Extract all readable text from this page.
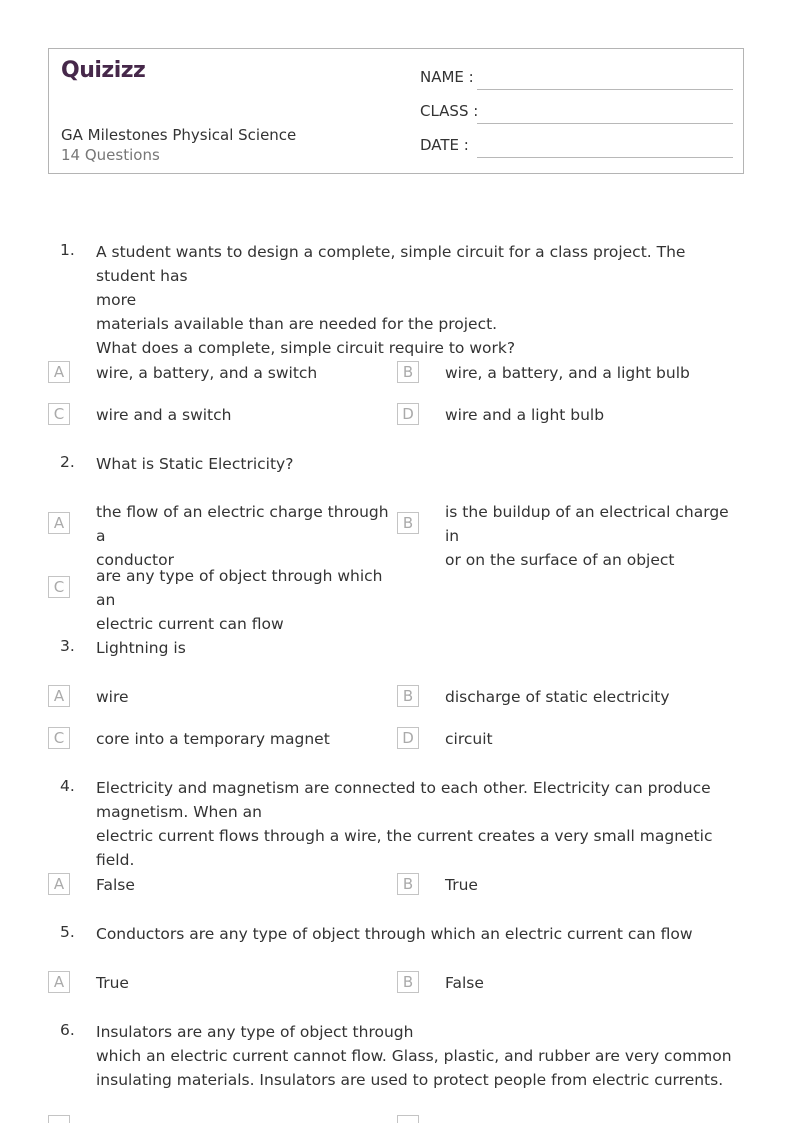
Quizizz
GA Milestones Physical Science
14 Questions
NAME :
CLASS :
DATE :
1. A student wants to design a complete, simple circuit for a class project. The student has
more
materials available than are needed for the project.
What does a complete, simple circuit require to work?
A	wire, a battery, and a switch	B	wire, a battery, and a light bulb
C	wire and a switch	D	wire and a light bulb
2. What is Static Electricity?
A
the flow of an electric charge through a
conductor
B
is the buildup of an electrical charge in
or on the surface of an object
C
are any type of object through which an
electric current can flow
3. Lightning is
A	wire	B	discharge of static electricity
C	core into a temporary magnet	D	circuit
4. Electricity and magnetism are connected to each other. Electricity can produce
magnetism. When an
electric current flows through a wire, the current creates a very small magnetic field.
A	False	B	True
5. Conductors are any type of object through which an electric current can flow
A	True	B	False
6. Insulators are any type of object through
which an electric current cannot flow. Glass, plastic, and rubber are very common
insulating materials. Insulators are used to protect people from electric currents.
